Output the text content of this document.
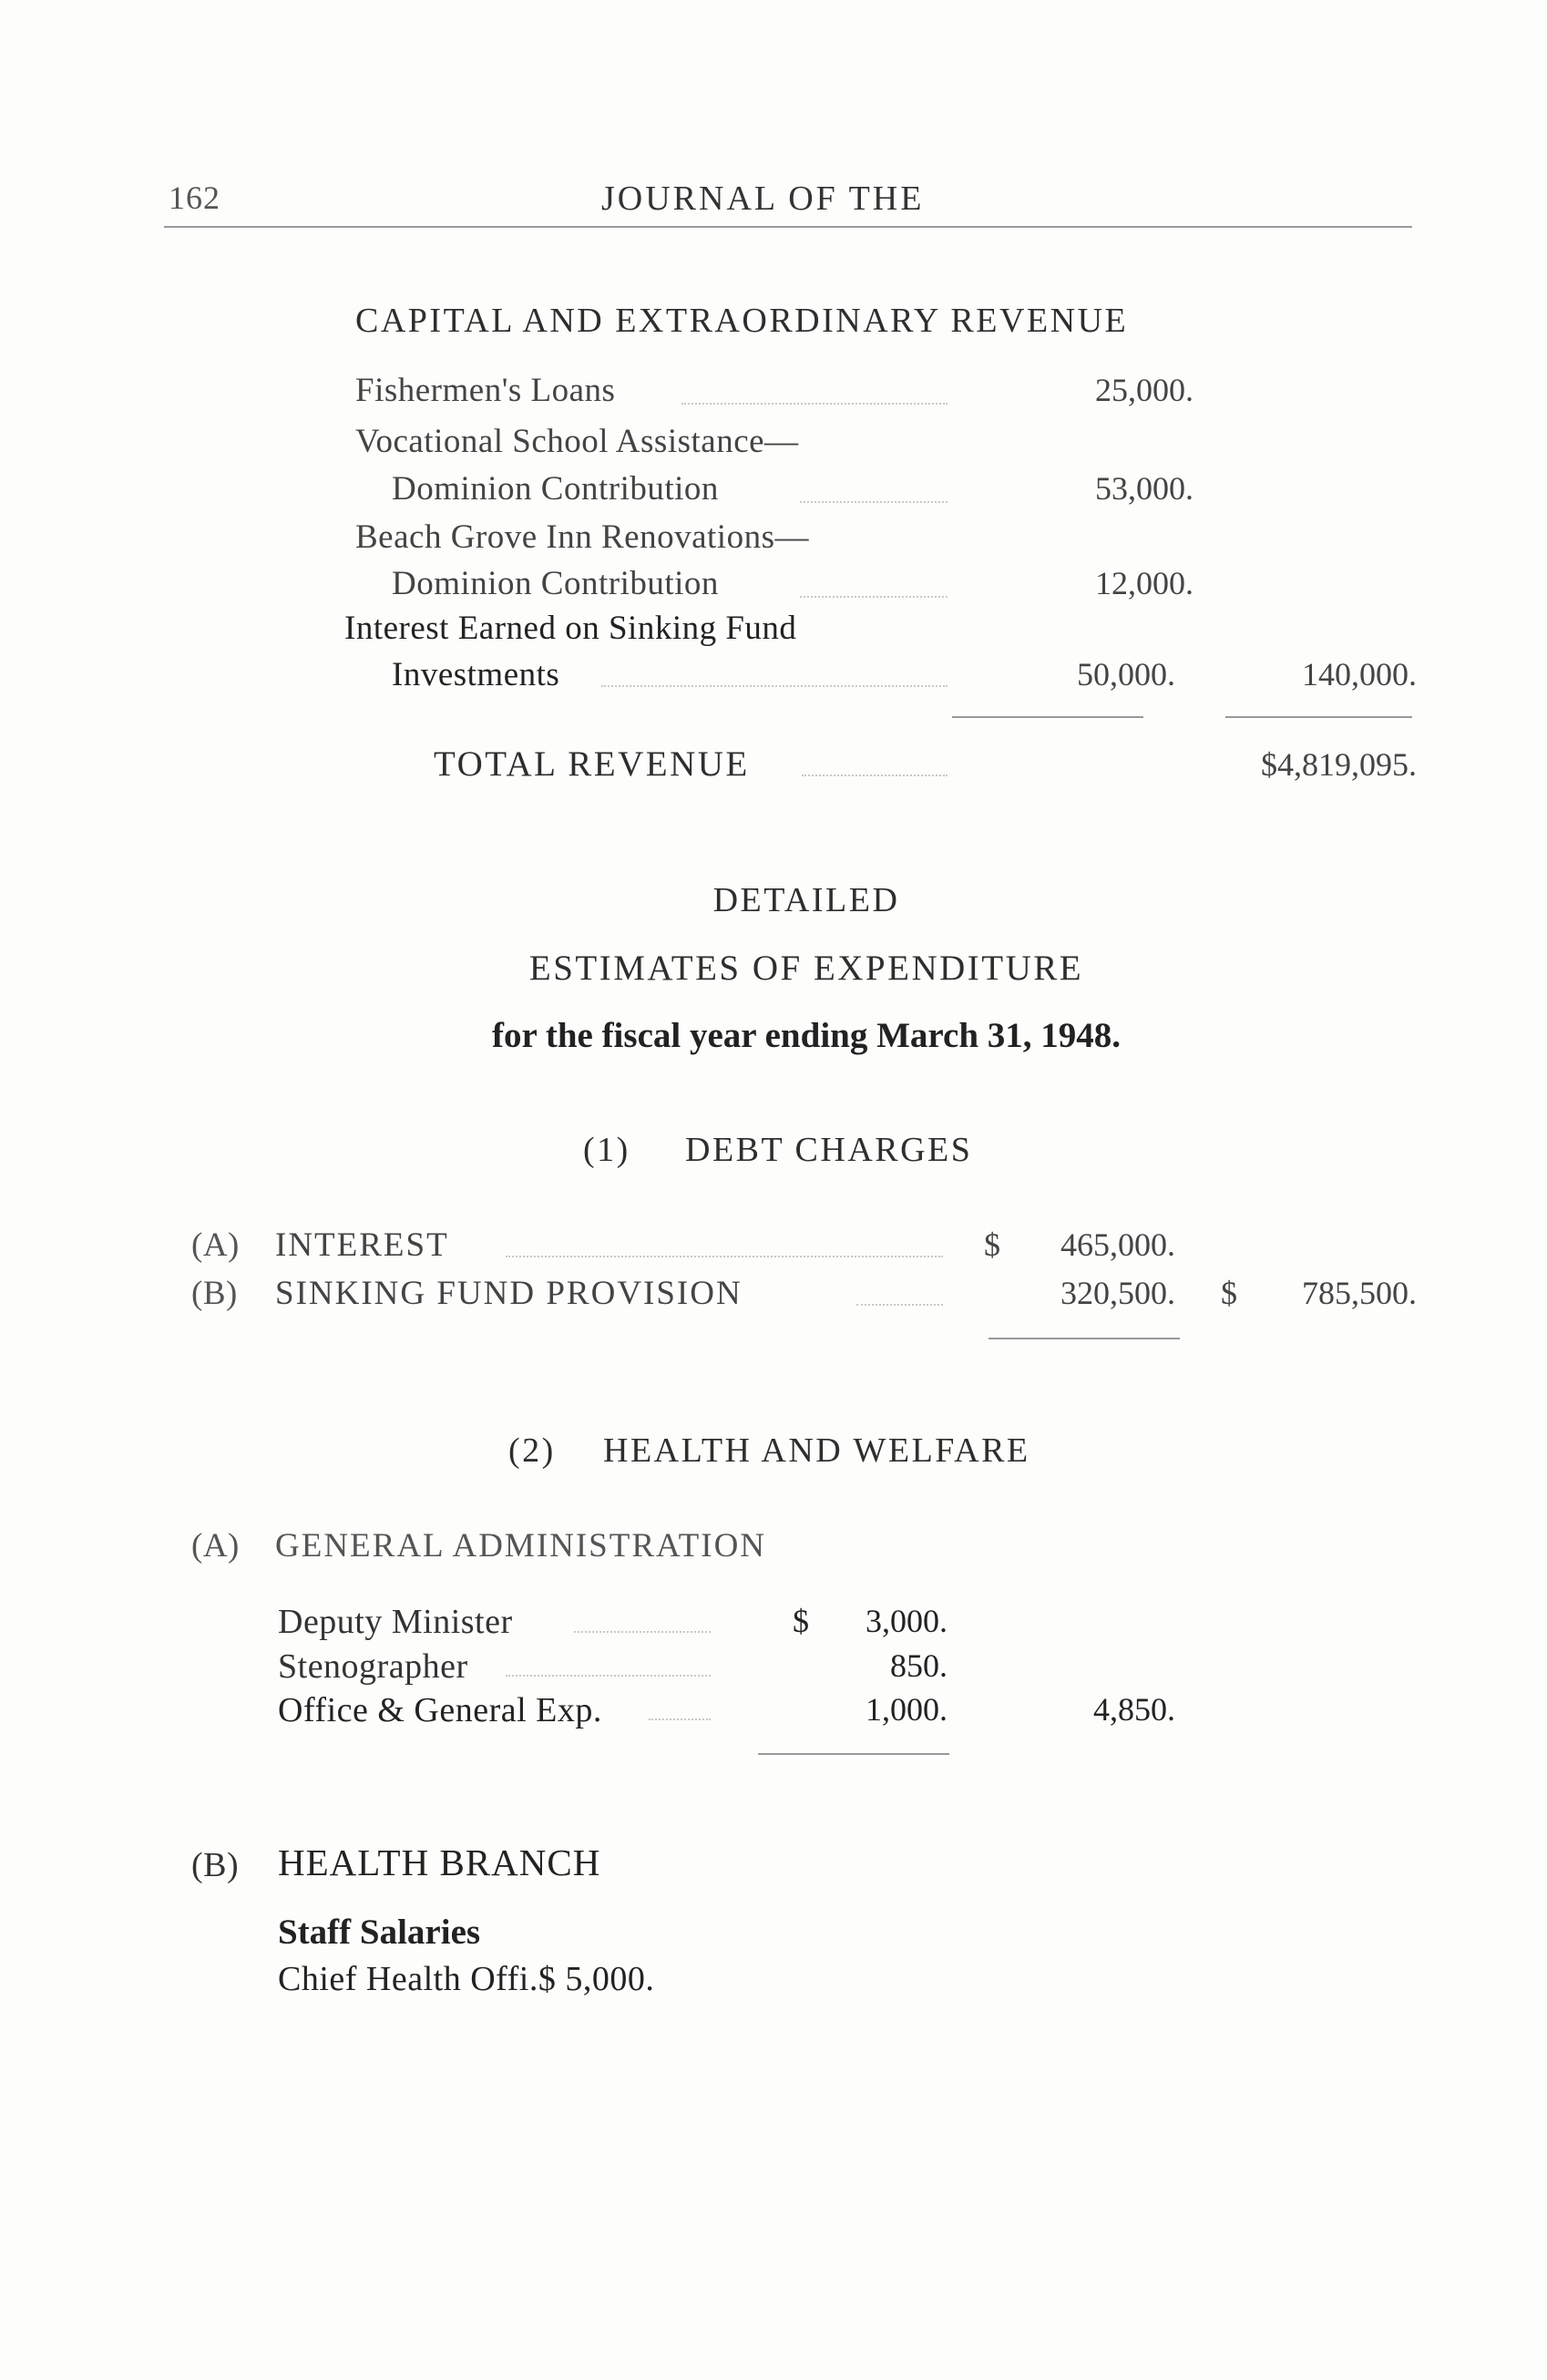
162	JOURNAL OF THE
CAPITAL AND EXTRAORDINARY REVENUE
Fishermen's Loans	25,000.
Vocational School Assistance—
Dominion Contribution	53,000.
Beach Grove Inn Renovations—
Dominion Contribution	12,000.
Interest Earned on Sinking Fund
Investments	50,000.	140,000.
TOTAL REVENUE	$4,819,095.
DETAILED
ESTIMATES OF EXPENDITURE
for the fiscal year ending March 31, 1948.
(1) DEBT CHARGES
(A) INTEREST	$	465,000.
(B) SINKING FUND PROVISION	320,500. $	785,500.
(2) HEALTH AND WELFARE
(A) GENERAL ADMINISTRATION
Deputy Minister	$	3,000.
Stenographer	850.
Office & General Exp.	1,000.	4,850.
(B) HEALTH BRANCH
Staff Salaries
Chief Health Offi.$ 5,000.
